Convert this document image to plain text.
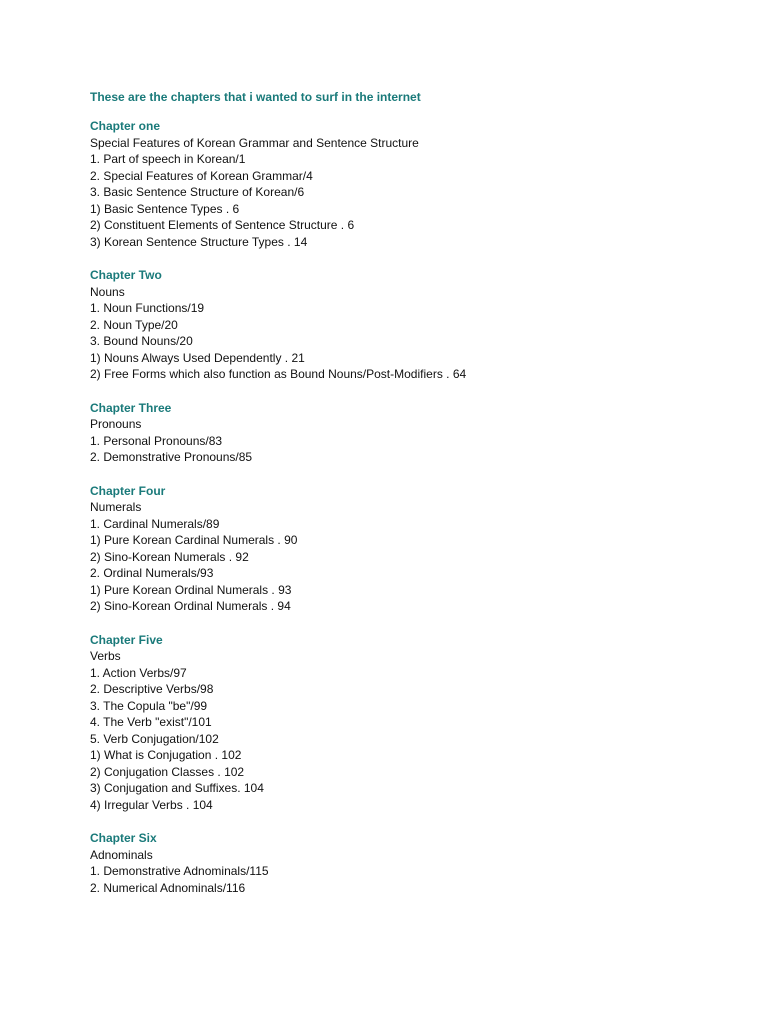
These are the chapters that i wanted to surf in the internet

Chapter one

Special Features of Korean Grammar and Sentence Structure

1. Part of speech in Korean/1
2. Special Features of Korean Grammar/4
3. Basic Sentence Structure of Korean/6
1) Basic Sentence Types . 6
2) Constituent Elements of Sentence Structure . 6
3) Korean Sentence Structure Types . 14

Chapter Two

Nouns

1. Noun Functions/19
2. Noun Type/20
3. Bound Nouns/20
1) Nouns Always Used Dependently . 21
2) Free Forms which also function as Bound Nouns/Post-Modifiers . 64

Chapter Three

Pronouns

1. Personal Pronouns/83
2. Demonstrative Pronouns/85

Chapter Four

Numerals

1. Cardinal Numerals/89
1) Pure Korean Cardinal Numerals . 90
2) Sino-Korean Numerals . 92
2. Ordinal Numerals/93
1) Pure Korean Ordinal Numerals . 93
2) Sino-Korean Ordinal Numerals . 94

Chapter Five

Verbs

1. Action Verbs/97
2. Descriptive Verbs/98
3. The Copula "be"/99
4. The Verb "exist"/101
5. Verb Conjugation/102
1) What is Conjugation . 102
2) Conjugation Classes . 102
3) Conjugation and Suffixes. 104
4) Irregular Verbs . 104

Chapter Six

Adnominals

1. Demonstrative Adnominals/115
2. Numerical Adnominals/116
